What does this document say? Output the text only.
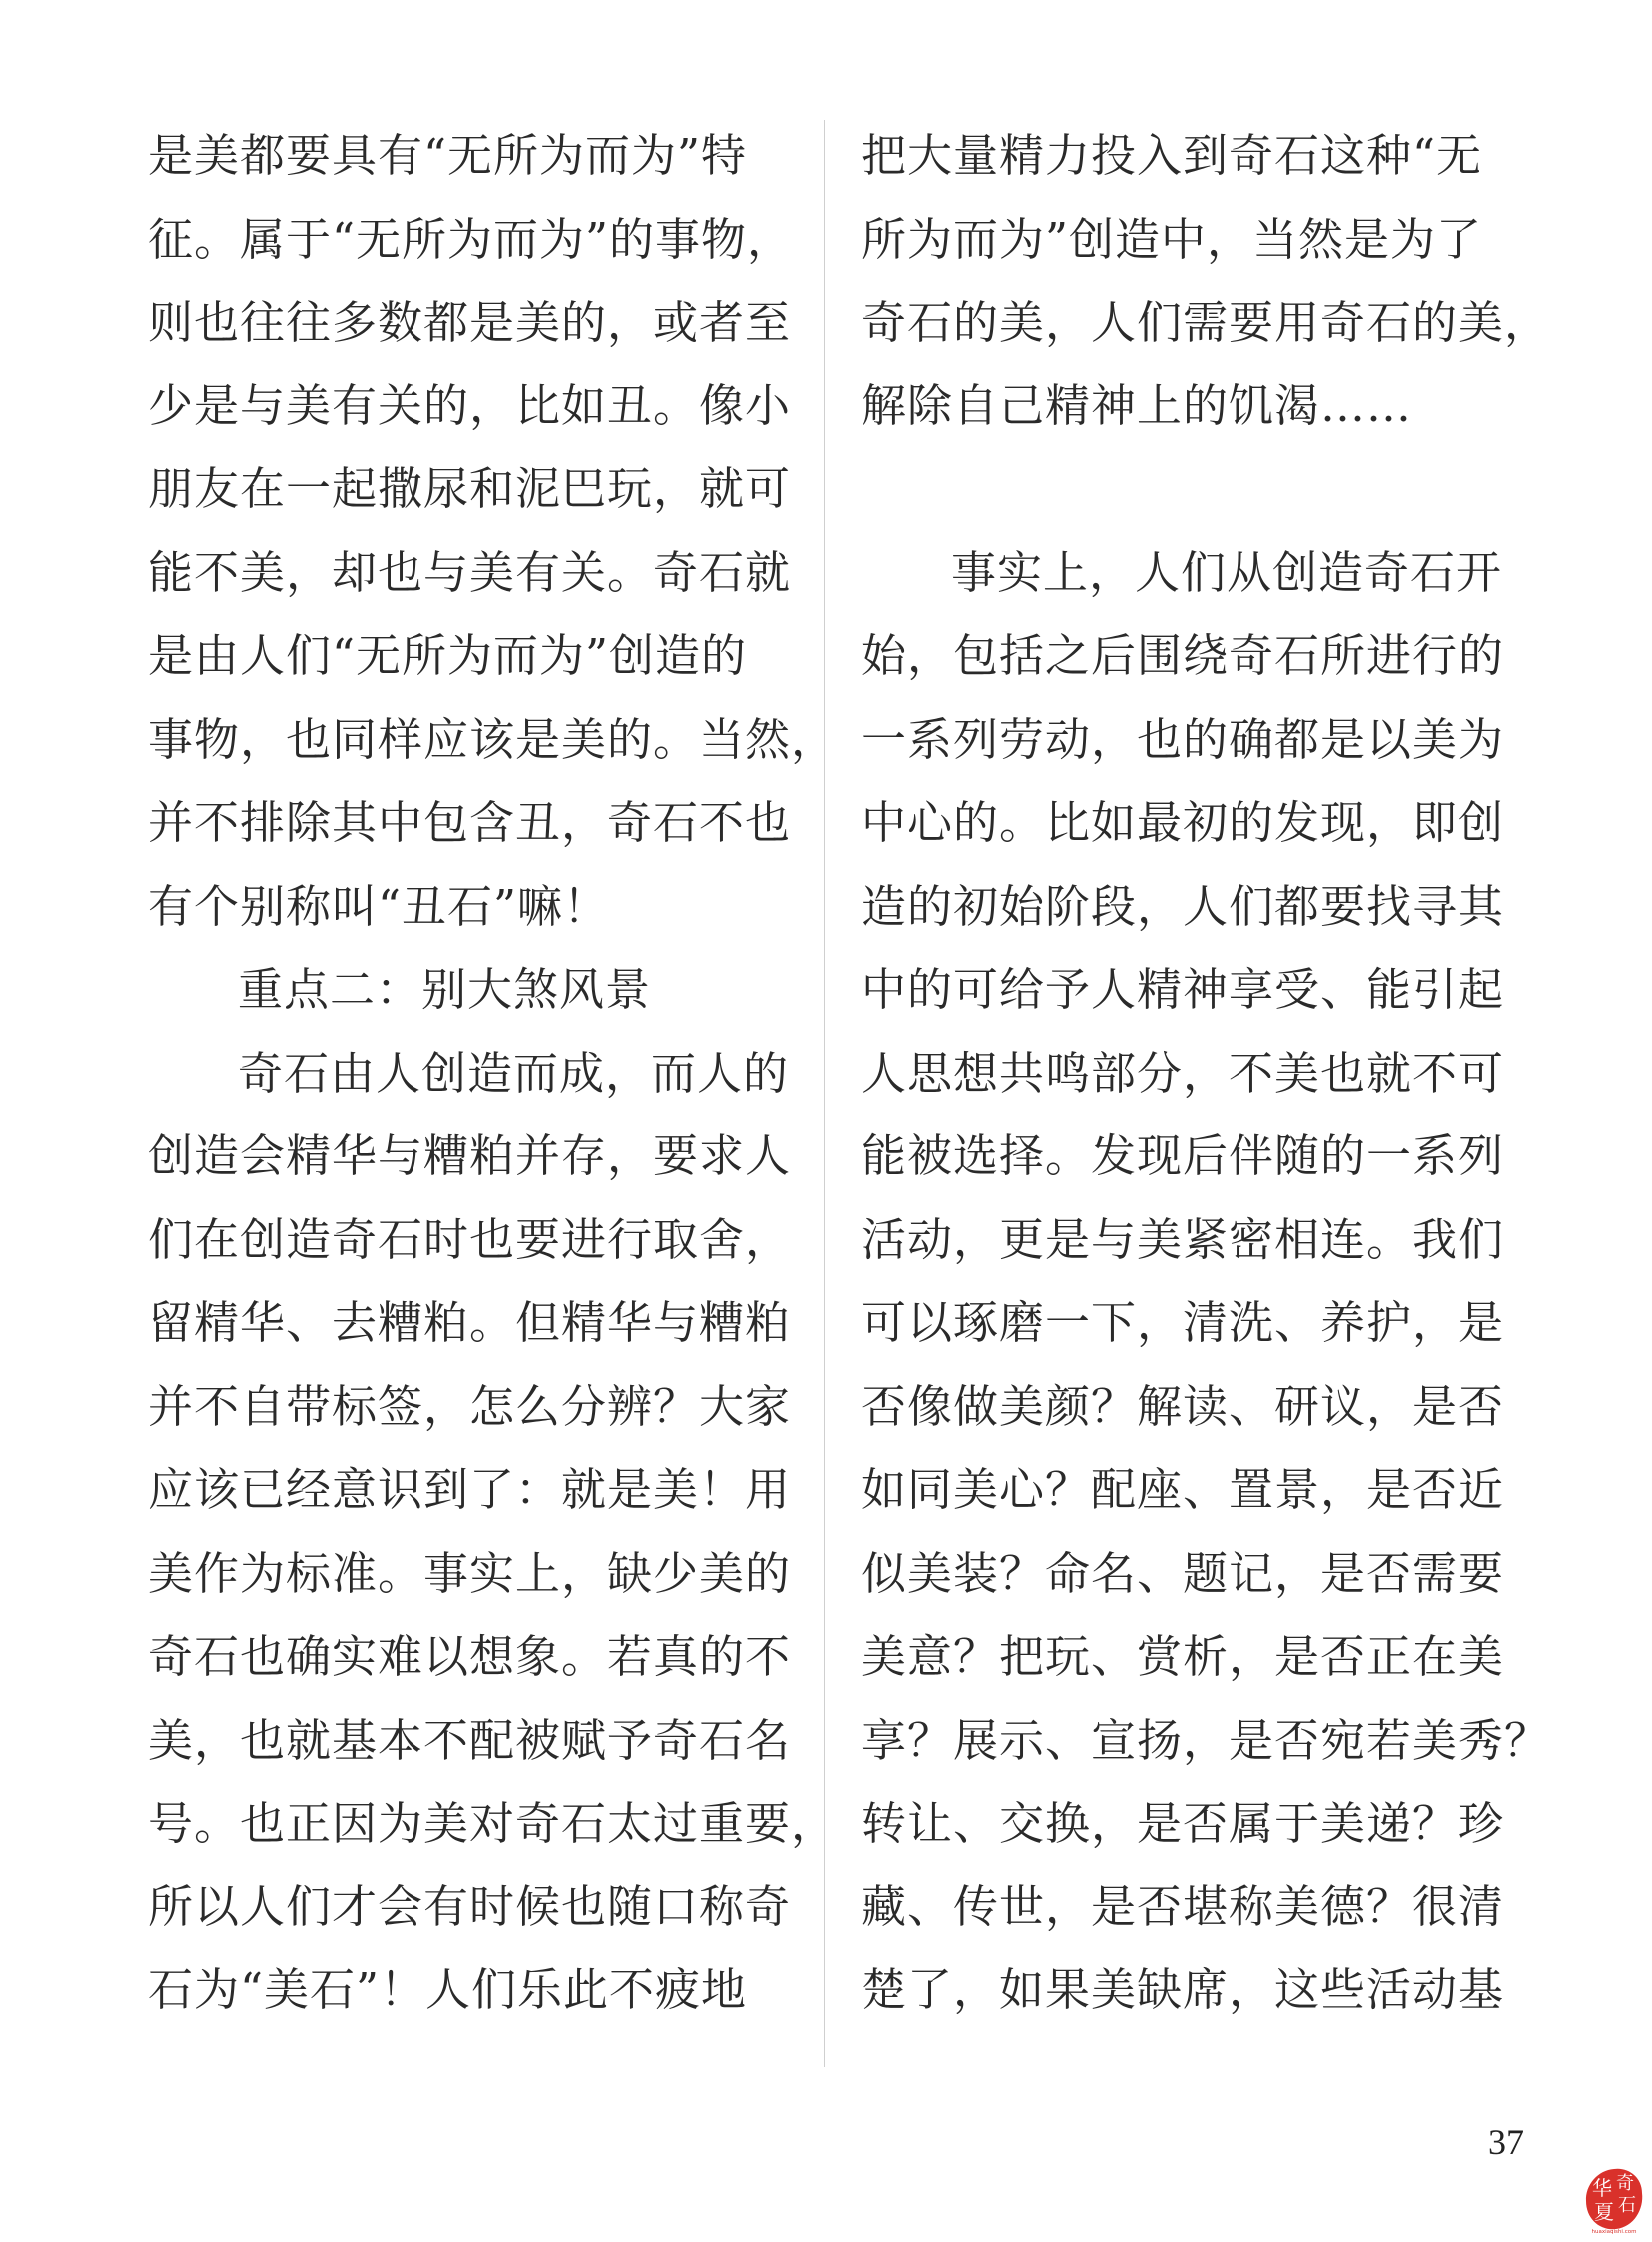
是美都要具有“无所为而为”特
征。属于“无所为而为”的事物，
则也往往多数都是美的，或者至
少是与美有关的，比如丑。像小
朋友在一起撒尿和泥巴玩，就可
能不美，却也与美有关。奇石就
是由人们“无所为而为”创造的
事物，也同样应该是美的。当然，
并不排除其中包含丑，奇石不也
有个别称叫“丑石”嘛！
重点二：别大煞风景
奇石由人创造而成，而人的
创造会精华与糟粕并存，要求人
们在创造奇石时也要进行取舍，
留精华、去糟粕。但精华与糟粕
并不自带标签，怎么分辨？大家
应该已经意识到了：就是美！用
美作为标准。事实上，缺少美的
奇石也确实难以想象。若真的不
美，也就基本不配被赋予奇石名
号。也正因为美对奇石太过重要，
所以人们才会有时候也随口称奇
石为“美石”！人们乐此不疲地
把大量精力投入到奇石这种“无
所为而为”创造中，当然是为了
奇石的美，人们需要用奇石的美，
解除自己精神上的饥渴……
事实上，人们从创造奇石开
始，包括之后围绕奇石所进行的
一系列劳动，也的确都是以美为
中心的。比如最初的发现，即创
造的初始阶段，人们都要找寻其
中的可给予人精神享受、能引起
人思想共鸣部分，不美也就不可
能被选择。发现后伴随的一系列
活动，更是与美紧密相连。我们
可以琢磨一下，清洗、养护，是
否像做美颜？解读、研议，是否
如同美心？配座、置景，是否近
似美装？命名、题记，是否需要
美意？把玩、赏析，是否正在美
享？展示、宣扬，是否宛若美秀？
转让、交换，是否属于美递？珍
藏、传世，是否堪称美德？很清
楚了，如果美缺席，这些活动基
37
华 奇
石
夏
huaxiaqishi.com
